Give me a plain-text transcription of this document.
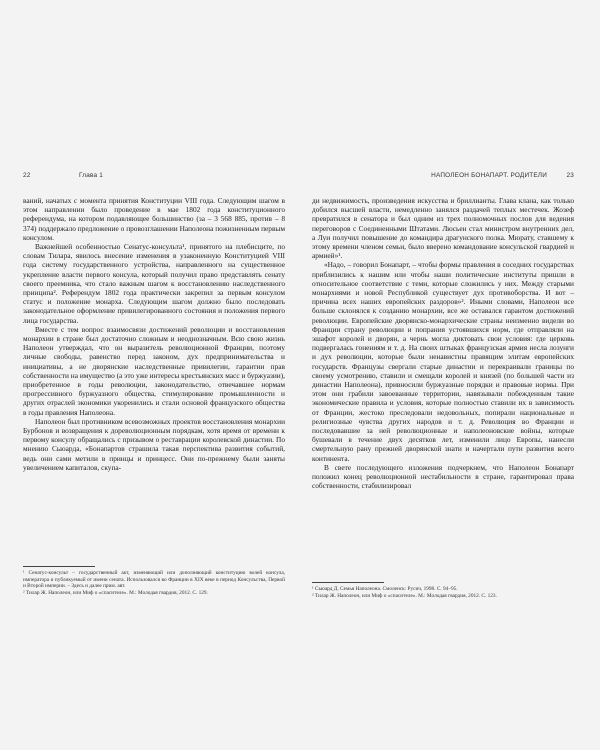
22	Глава 1

ваний, начатых с момента принятия Конституции VIII года. Следующим шагом в этом направлении было проведение в мае 1802 года конституционного референдума, на котором подавляющее большинство (за – 3 568 885, против – 8 374) поддержало предложение о провозглашении Наполеона пожизненным первым консулом.

Важнейшей особенностью Сенатус-консульта¹, принятого на плебисците, по словам Тилара, явилось внесение изменения в узаконенную Конституцией VIII года систему государственного устройства, направленного на существенное укрепление власти первого консула, который получил право представлять сенату своего преемника, что стало важным шагом к восстановлению наследственного принципа². Референдум 1802 года практически закрепил за первым консулом статус и положение монарха. Следующим шагом должно было последовать законодательное оформление привилегированного состояния и положения первого лица государства.

Вместе с тем вопрос взаимосвязи достижений революции и восстановления монархии в стране был достаточно сложным и неоднозначным. Всю свою жизнь Наполеон утверждал, что он выразитель революционной Франции, поэтому личные свободы, равенство перед законом, дух предпринимательства и инициативы, а не дворянские наследственные привилегии, гарантии прав собственности на имущество (а это уже интересы крестьянских масс и буржуазии), приобретенное в годы революции, законодательство, отвечавшее нормам прогрессивного буржуазного общества, стимулирование промышленности и других отраслей экономики укоренились и стали основой французского общества в годы правления Наполеона.

Наполеон был противником всевозможных проектов восстановления монархии Бурбонов и возвращения к дореволюционным порядкам, хотя время от времени к первому консулу обращались с призывом о реставрации королевской династии. По мнению Сьюарда, «Бонапартов страшила такая перспектива развития событий, ведь они сами метили в принцы и принцесс. Они по-прежнему были заняты увеличением капиталов, скупа-

¹ Сенатус-консульт – государственный акт, изменяющий или дополняющий конституцию волей консула, императора и публикуемый от имени сената. Использовался во Франции в XIX веке в период Консульства, Первой и Второй империи. – Здесь и далее прим. авт.
² Тилар Ж. Наполеон, или Миф о «спасителе». М.: Молодая гвардия, 2012. С. 129.
НАПОЛЕОН БОНАПАРТ. РОДИТЕЛИ	23

ди недвижимость, произведения искусства и бриллианты. Глава клана, как только добился высшей власти, немедленно занялся раздачей теплых местечек. Жозеф превратился в сенатора и был одним из трех полномочных послов для ведения переговоров с Соединенными Штатами. Люсьен стал министром внутренних дел, а Луи получил повышение до командира драгунского полка. Мюрату, ставшему к этому времени членом семьи, было вверено командование консульской гвардией и армией»¹.

«Надо, – говорил Бонапарт, – чтобы формы правления в соседних государствах приблизились к нашим или чтобы наши политические институты пришли в относительное соответствие с теми, которые сложились у них. Между старыми монархиями и новой Республикой существует дух противоборства. И вот – причина всех наших европейских раздоров»². Иными словами, Наполеон все больше склонялся к созданию монархии, все же оставался гарантом достижений революции. Европейские дворянско-монархические страны неизменно видели во Франции страну революции и попрания устоявшихся норм, где отправляли на эшафот королей и дворян, а чернь могла диктовать свои условия: где церковь подвергалась гонениям и т. д. На своих штыках французская армия несла лозунги и дух революции, которые были ненавистны правящим элитам европейских государств. Французы свергали старые династии и перекраивали границы по своему усмотрению, ставили и смещали королей и князей (по большей части из династии Наполеона), привносили буржуазные порядки и правовые нормы. При этом они грабили завоеванные территории, навязывали побежденным такие экономические правила и условия, которые полностью ставили их в зависимость от Франции, жестоко преследовали недовольных, попирали национальные и религиозные чувства других народов и т. д. Революция во Франции и последовавшие за ней революционные и наполеоновские войны, которые бушевали в течение двух десятков лет, изменили лицо Европы, нанесли смертельную рану прежней дворянской знати и начертали пути развития всего континента.

В свете последующего изложения подчеркнем, что Наполеон Бонапарт положил конец революционной нестабильности в стране, гарантировал права собственности, стабилизировал

¹ Сьюард Д. Семья Наполеона. Смоленск: Русич, 1998. С. 94–95.
² Тилар Ж. Наполеон, или Миф о «спасителе». М.: Молодая гвардия, 2012. С. 123.
